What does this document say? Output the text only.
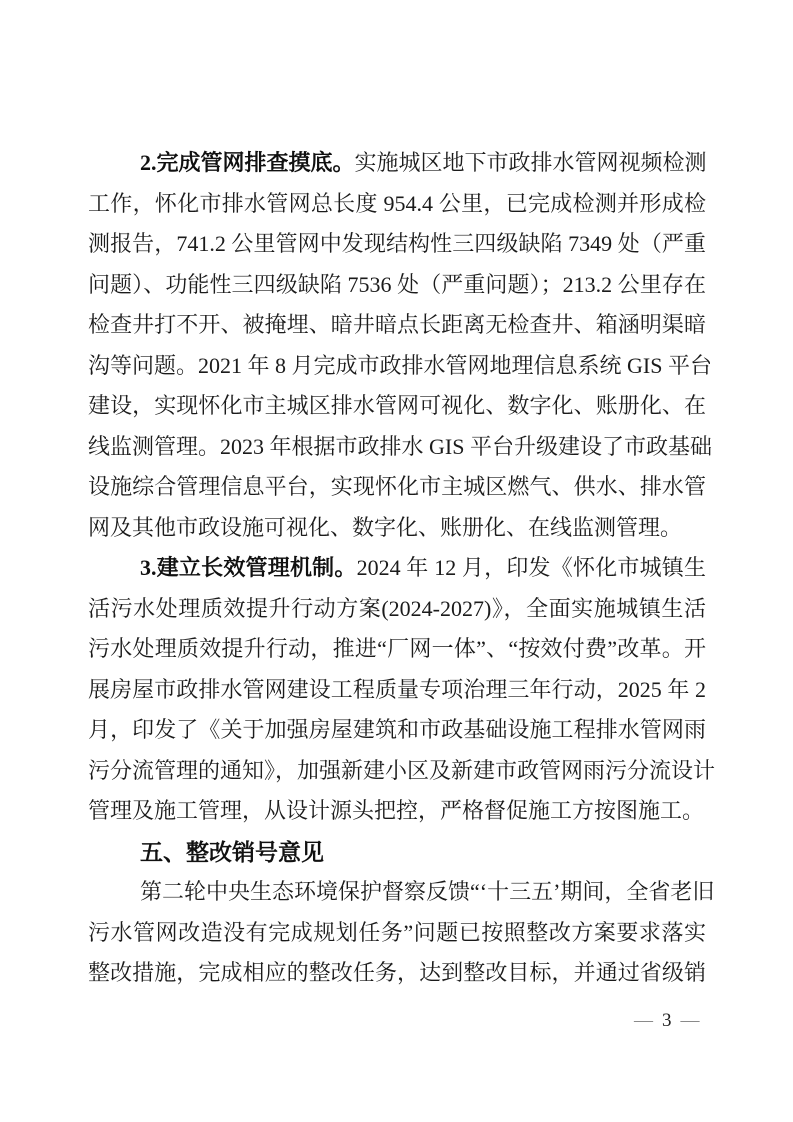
2.完成管网排查摸底。实施城区地下市政排水管网视频检测
工作，怀化市排水管网总长度 954.4 公里，已完成检测并形成检
测报告，741.2 公里管网中发现结构性三四级缺陷 7349 处（严重
问题）、功能性三四级缺陷 7536 处（严重问题）；213.2 公里存在
检查井打不开、被掩埋、暗井暗点长距离无检查井、箱涵明渠暗
沟等问题。2021 年 8 月完成市政排水管网地理信息系统 GIS 平台
建设，实现怀化市主城区排水管网可视化、数字化、账册化、在
线监测管理。2023 年根据市政排水 GIS 平台升级建设了市政基础
设施综合管理信息平台，实现怀化市主城区燃气、供水、排水管
网及其他市政设施可视化、数字化、账册化、在线监测管理。
3.建立长效管理机制。2024 年 12 月，印发《怀化市城镇生
活污水处理质效提升行动方案(2024-2027)》，全面实施城镇生活
污水处理质效提升行动，推进“厂网一体”、“按效付费”改革。开
展房屋市政排水管网建设工程质量专项治理三年行动，2025 年 2
月，印发了《关于加强房屋建筑和市政基础设施工程排水管网雨
污分流管理的通知》，加强新建小区及新建市政管网雨污分流设计
管理及施工管理，从设计源头把控，严格督促施工方按图施工。
五、整改销号意见
第二轮中央生态环境保护督察反馈“‘十三五’期间，全省老旧
污水管网改造没有完成规划任务”问题已按照整改方案要求落实
整改措施，完成相应的整改任务，达到整改目标，并通过省级销
— 3 —
